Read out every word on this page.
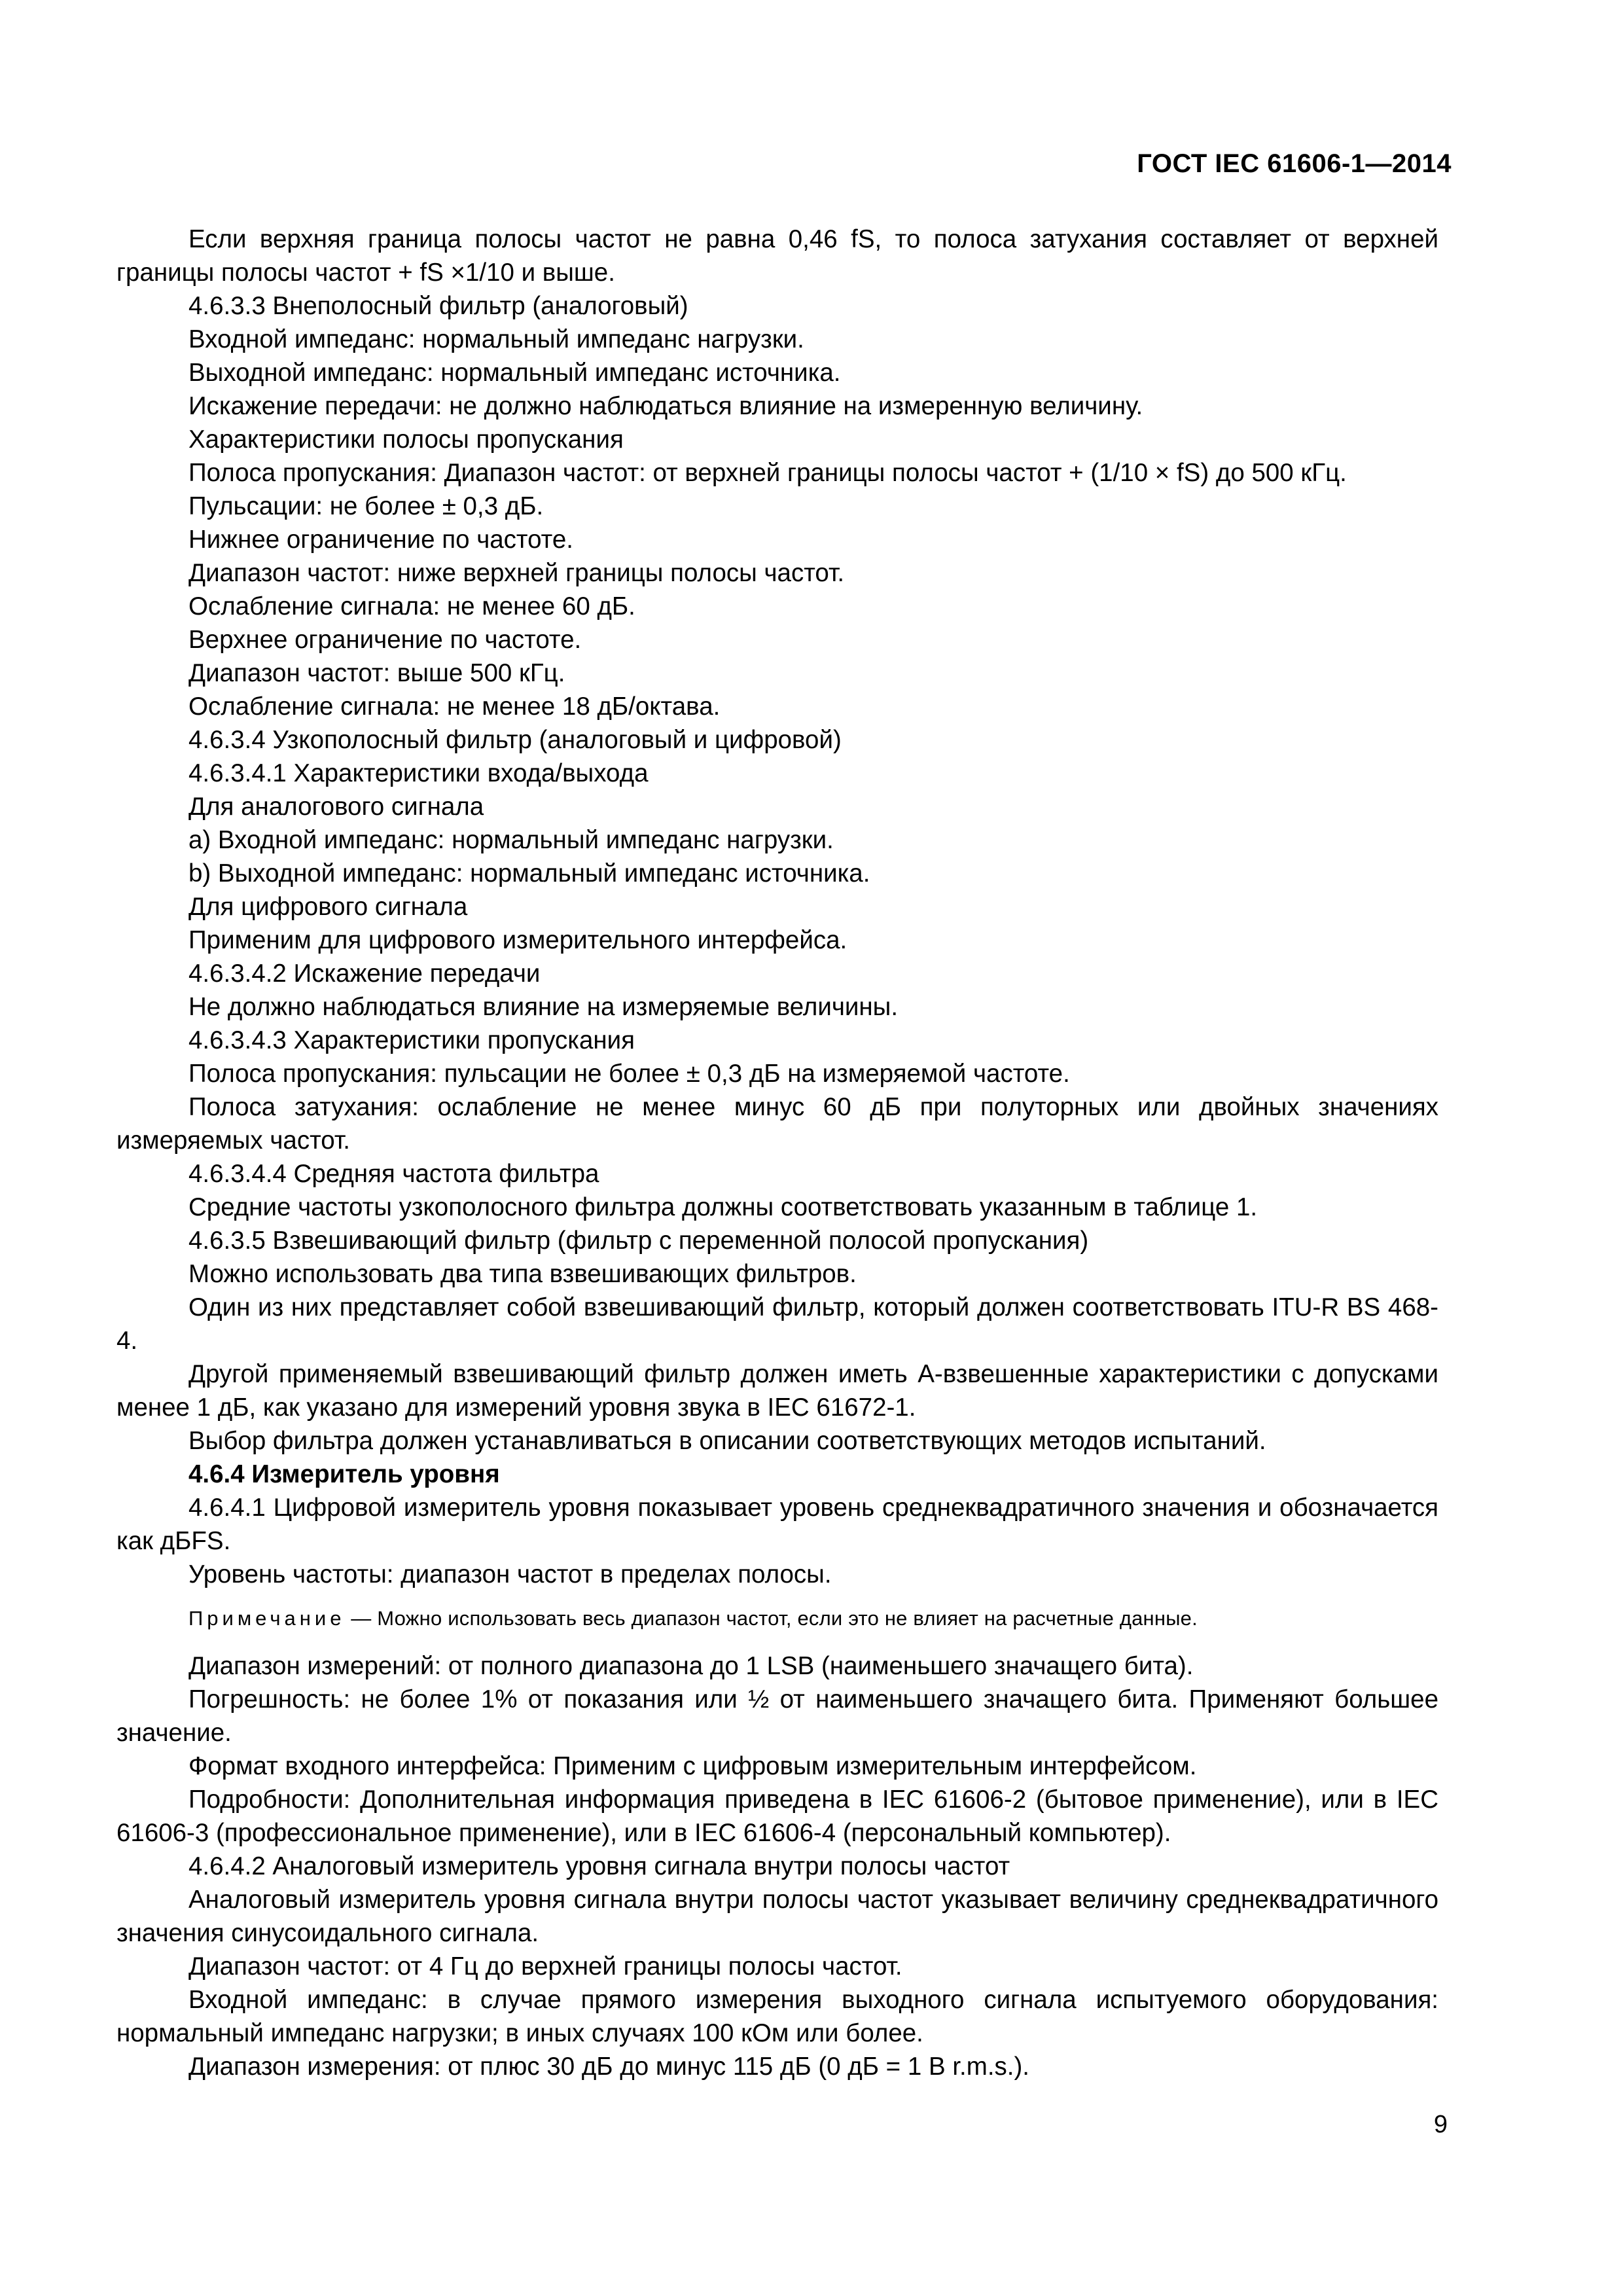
ГОСТ IEC 61606-1—2014

Если верхняя граница полосы частот не равна 0,46 fS, то полоса затухания составляет от верхней границы полосы частот + fS ×1/10 и выше.

4.6.3.3 Внеполосный фильтр (аналоговый)

Входной импеданс: нормальный импеданс нагрузки.

Выходной импеданс: нормальный импеданс источника.

Искажение передачи: не должно наблюдаться влияние на измеренную величину.

Характеристики полосы пропускания

Полоса пропускания: Диапазон частот: от верхней границы полосы частот + (1/10 × fS) до 500 кГц.

Пульсации: не более ± 0,3 дБ.

Нижнее ограничение по частоте.

Диапазон частот: ниже верхней границы полосы частот.

Ослабление сигнала: не менее 60 дБ.

Верхнее ограничение по частоте.

Диапазон частот: выше 500 кГц.

Ослабление сигнала: не менее 18 дБ/октава.

4.6.3.4 Узкополосный фильтр (аналоговый и цифровой)

4.6.3.4.1 Характеристики входа/выхода

Для аналогового сигнала

a) Входной импеданс: нормальный импеданс нагрузки.

b) Выходной импеданс: нормальный импеданс источника.

Для цифрового сигнала

Применим для цифрового измерительного интерфейса.

4.6.3.4.2 Искажение передачи

Не должно наблюдаться влияние на измеряемые величины.

4.6.3.4.3 Характеристики пропускания

Полоса пропускания: пульсации не более ± 0,3 дБ на измеряемой частоте.

Полоса затухания: ослабление не менее минус 60 дБ при полуторных или двойных значениях измеряемых частот.

4.6.3.4.4 Средняя частота фильтра

Средние частоты узкополосного фильтра должны соответствовать указанным в таблице 1.

4.6.3.5 Взвешивающий фильтр (фильтр с переменной полосой пропускания)

Можно использовать два типа взвешивающих фильтров.

Один из них представляет собой взвешивающий фильтр, который должен соответствовать ITU-R BS 468-4.

Другой применяемый взвешивающий фильтр должен иметь А-взвешенные характеристики с допусками менее 1 дБ, как указано для измерений уровня звука в IEC 61672-1.

Выбор фильтра должен устанавливаться в описании соответствующих методов испытаний.

4.6.4 Измеритель уровня

4.6.4.1 Цифровой измеритель уровня показывает уровень среднеквадратичного значения и обозначается как дБFS.

Уровень частоты: диапазон частот в пределах полосы.

Примечание — Можно использовать весь диапазон частот, если это не влияет на расчетные данные.

Диапазон измерений: от полного диапазона до 1 LSB (наименьшего значащего бита).

Погрешность: не более 1% от показания или ½ от наименьшего значащего бита. Применяют большее значение.

Формат входного интерфейса: Применим с цифровым измерительным интерфейсом.

Подробности: Дополнительная информация приведена в IEC 61606-2 (бытовое применение), или в IEC 61606-3 (профессиональное применение), или в IEC 61606-4 (персональный компьютер).

4.6.4.2 Аналоговый измеритель уровня сигнала внутри полосы частот

Аналоговый измеритель уровня сигнала внутри полосы частот указывает величину среднеквадратичного значения синусоидального сигнала.

Диапазон частот: от 4 Гц до верхней границы полосы частот.

Входной импеданс: в случае прямого измерения выходного сигнала испытуемого оборудования: нормальный импеданс нагрузки; в иных случаях 100 кОм или более.

Диапазон измерения: от плюс 30 дБ до минус 115 дБ (0 дБ = 1 В r.m.s.).

9
